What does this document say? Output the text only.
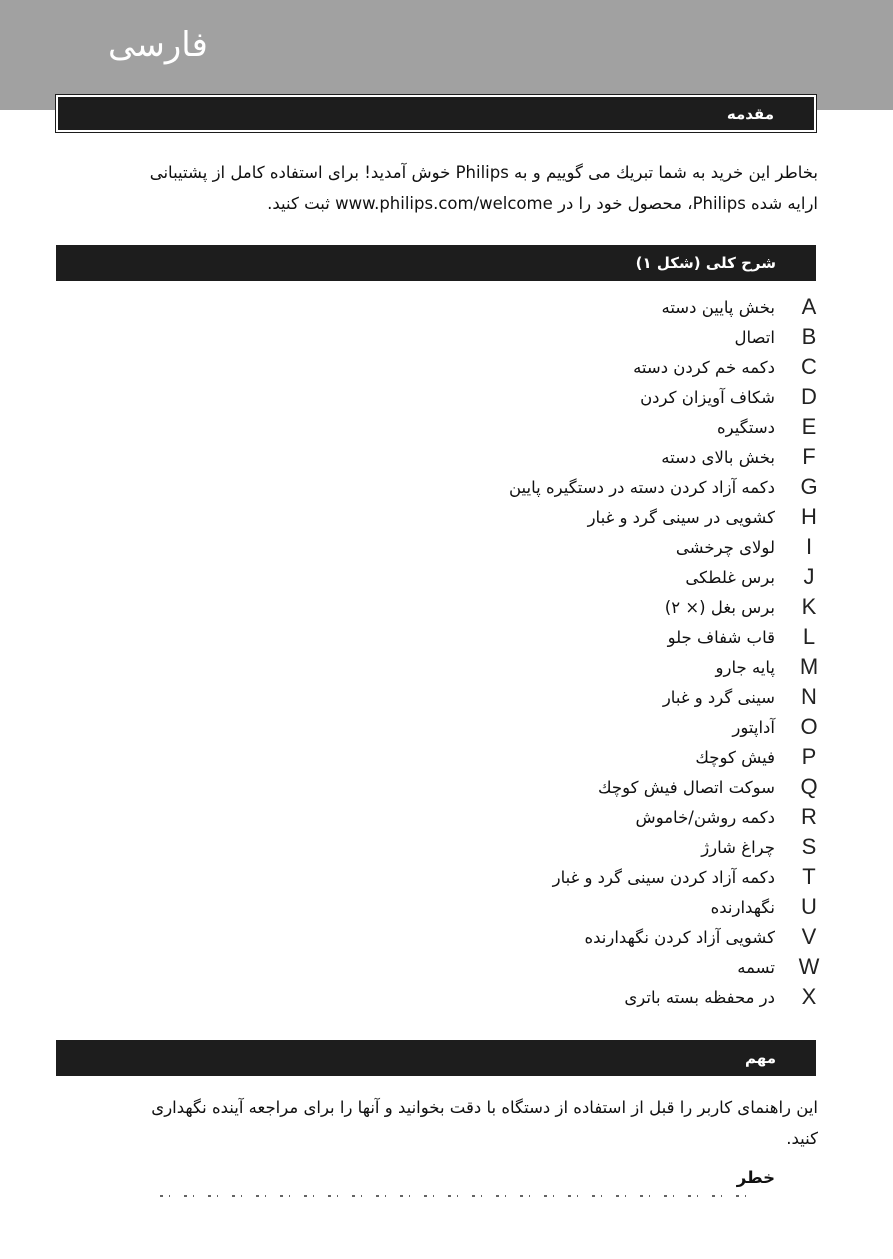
فارسی
مقدمه
بخاطر این خرید به شما تبریك می گوییم و به Philips خوش آمدید! برای استفاده كامل از پشتیبانی
ارایه شده Philips، محصول خود را در www.philips.com/welcome ثبت كنید.
شرح کلی (شکل ۱)
A
بخش پایین دسته
B
اتصال
C
دکمه خم کردن دسته
D
شکاف آویزان کردن
E
دستگیره
F
بخش بالای دسته
G
دکمه آزاد کردن دسته در دستگیره پایین
H
کشویی در سینی گرد و غبار
I
لولای چرخشی
J
برس غلطکی
K
برس بغل (× ۲)
L
قاب شفاف جلو
M
پایه جارو
N
سینی گرد و غبار
O
آداپتور
P
فیش کوچك
Q
سوکت اتصال فیش کوچك
R
دکمه روشن/خاموش
S
چراغ شارژ
T
دکمه آزاد کردن سینی گرد و غبار
U
نگهدارنده
V
کشویی آزاد کردن نگهدارنده
W
تسمه
X
در محفظه بسته باتری
مهم
این راهنمای کاربر را قبل از استفاده از دستگاه با دقت بخوانید و آنها را برای مراجعه آینده نگهداری
کنید.
خطر
